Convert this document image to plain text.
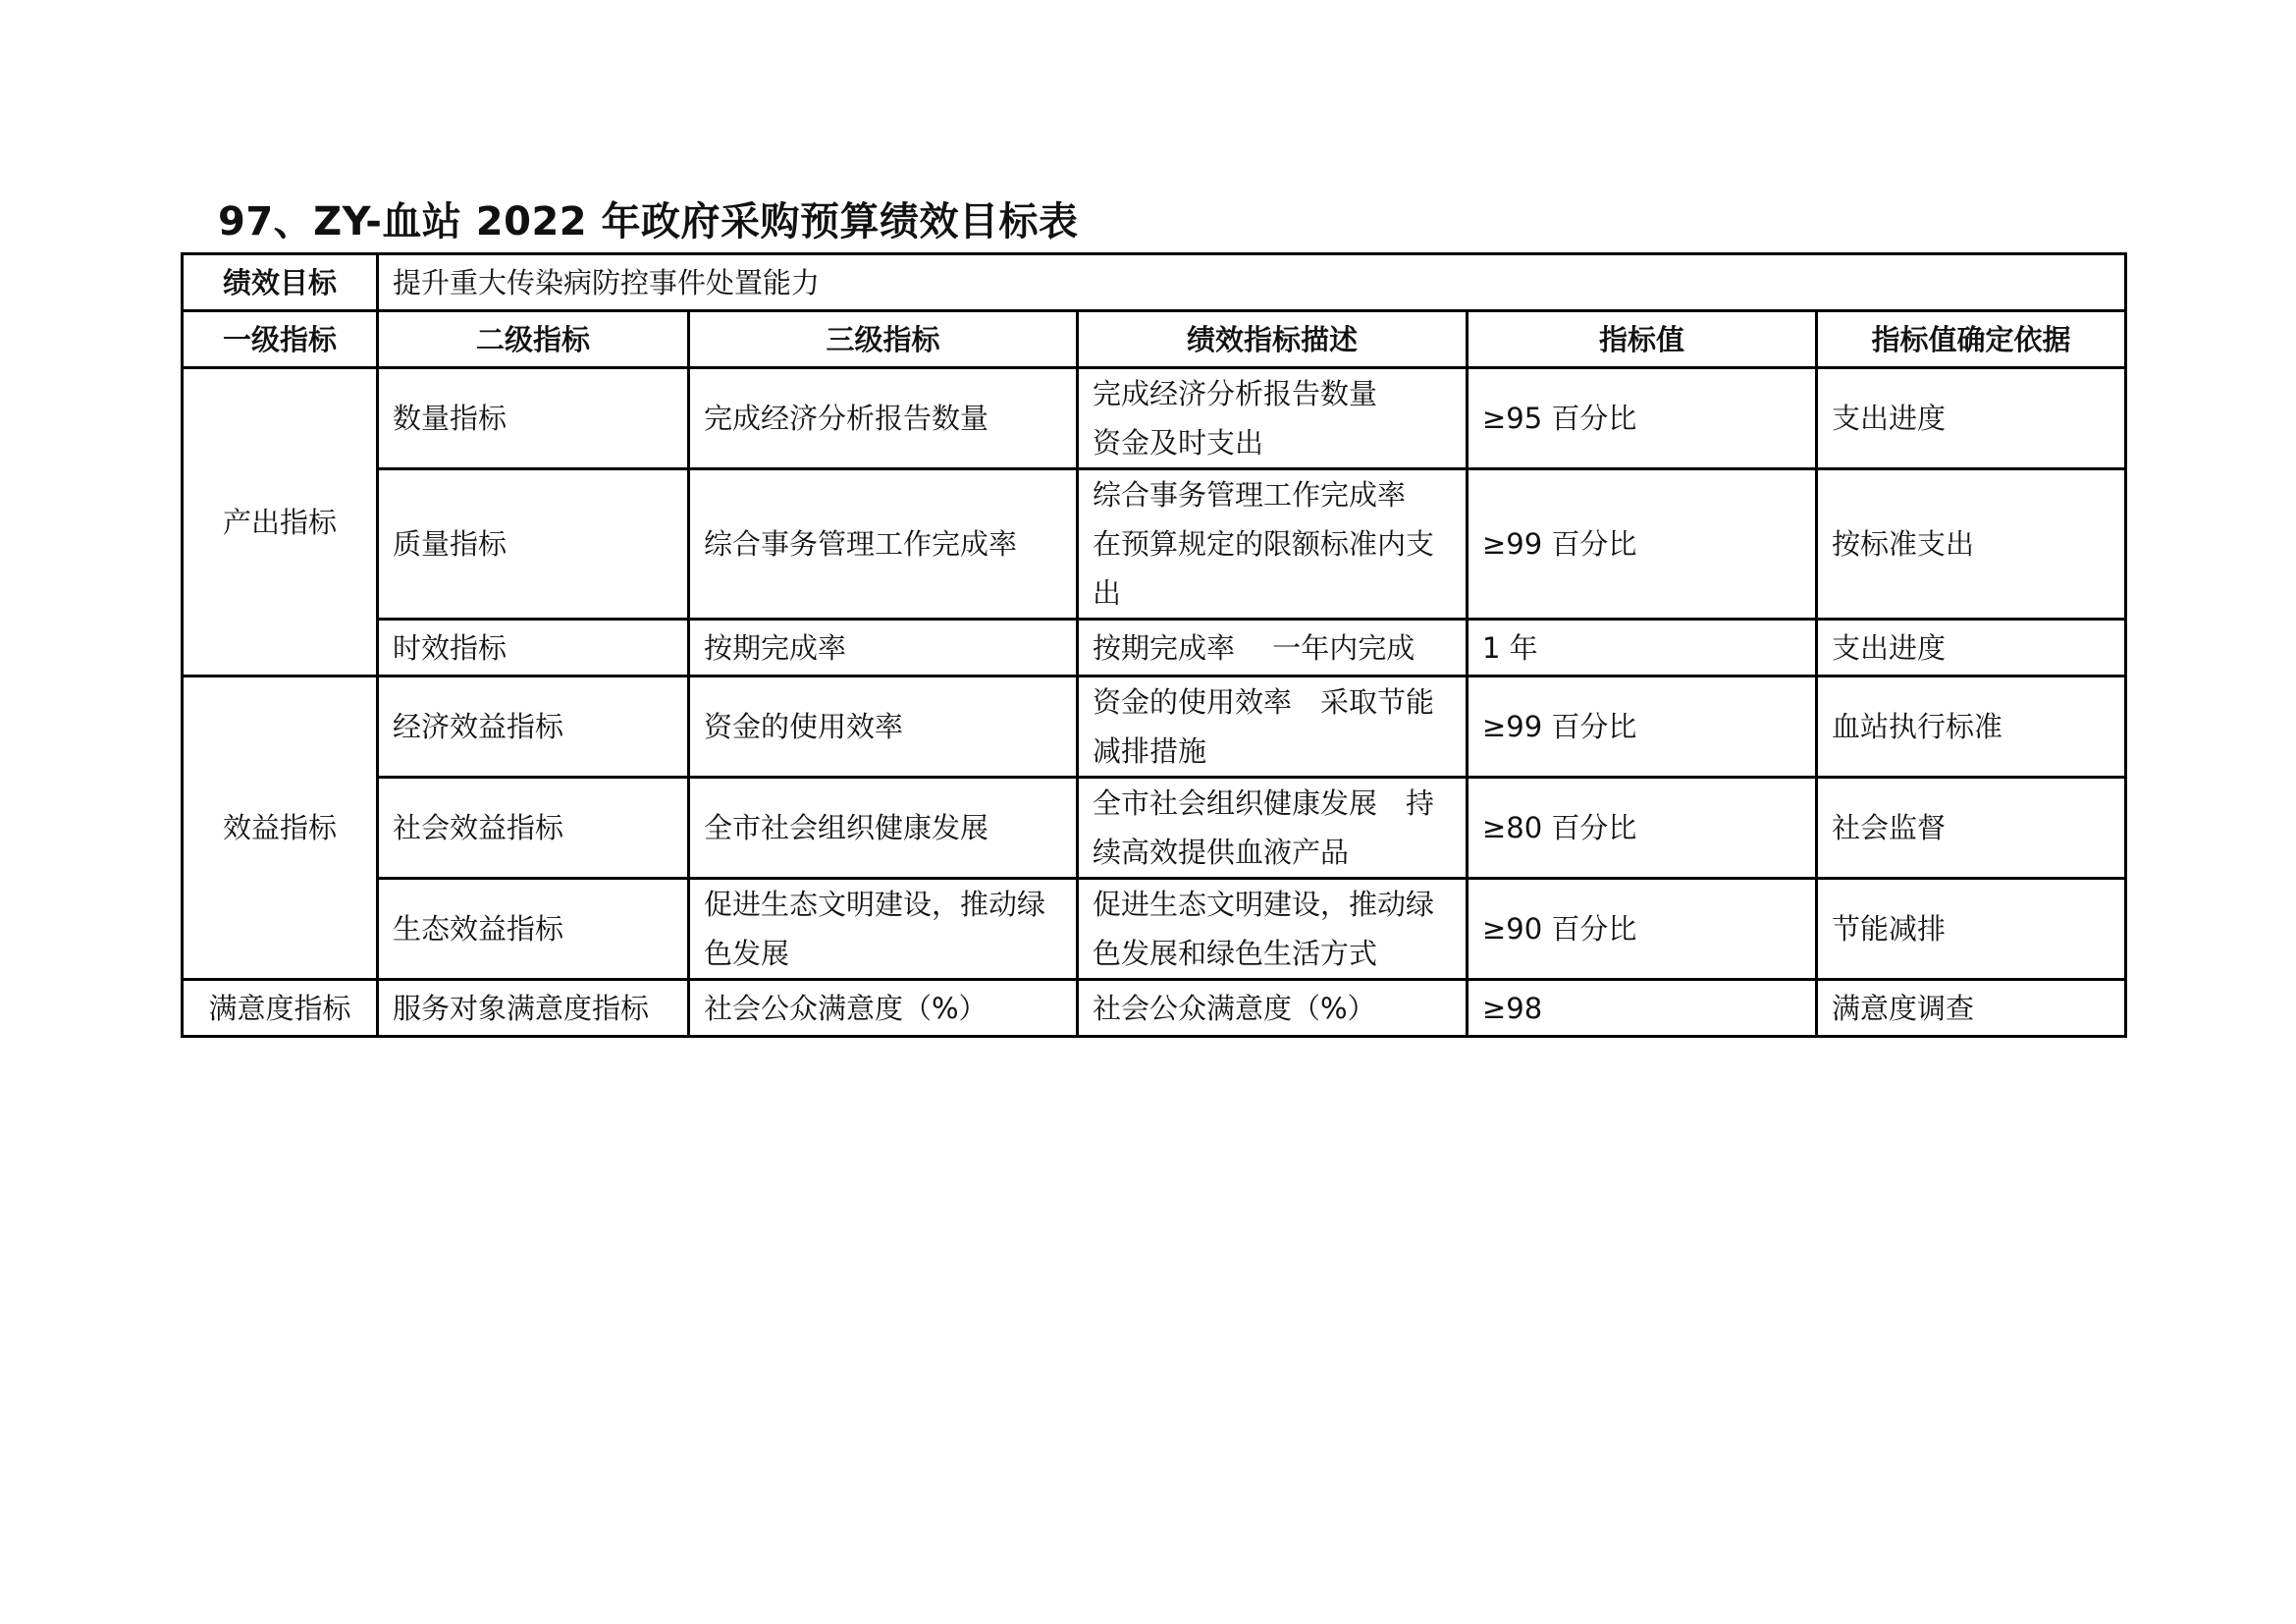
97、ZY-血站 2022 年政府采购预算绩效目标表
绩效目标	提升重大传染病防控事件处置能力				
一级指标	二级指标	三级指标	绩效指标描述	指标值	指标值确定依据
产出指标	数量指标	完成经济分析报告数量	完成经济分析报告数量
资金及时支出	≥95 百分比	支出进度
	质量指标	综合事务管理工作完成率	综合事务管理工作完成率
在预算规定的限额标准内支
出	≥99 百分比	按标准支出
	时效指标	按期完成率	按期完成率 　一年内完成	1 年	支出进度
效益指标	经济效益指标	资金的使用效率	资金的使用效率　采取节能
减排措施	≥99 百分比	血站执行标准
	社会效益指标	全市社会组织健康发展	全市社会组织健康发展　持
续高效提供血液产品	≥80 百分比	社会监督
	生态效益指标	促进生态文明建设，推动绿
色发展	促进生态文明建设，推动绿
色发展和绿色生活方式	≥90 百分比	节能减排
满意度指标	服务对象满意度指标	社会公众满意度（%）	社会公众满意度（%）	≥98	满意度调查
